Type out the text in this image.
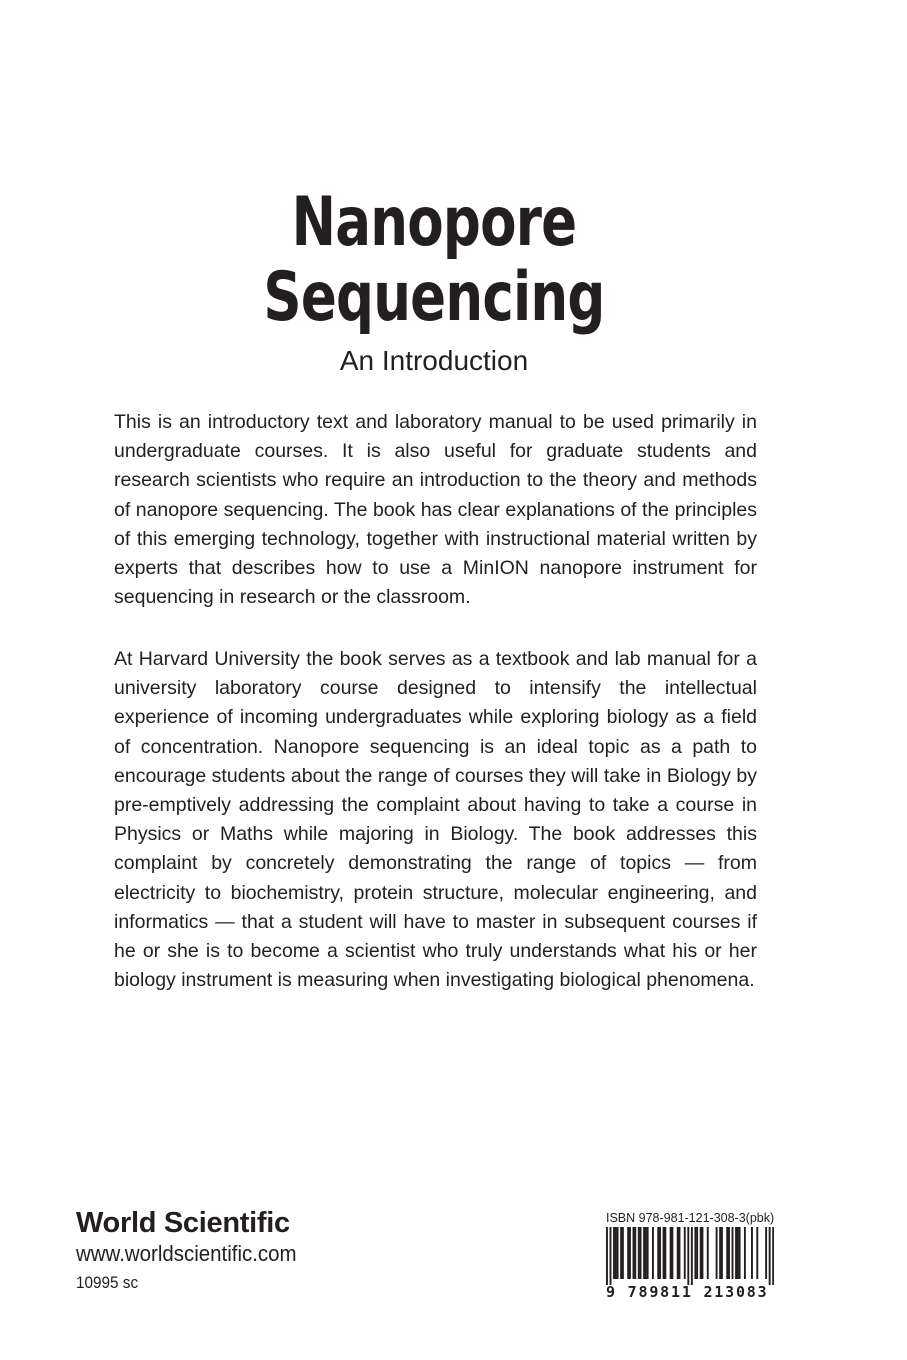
Nanopore
Sequencing
An Introduction

This is an introductory text and laboratory manual to be used primarily in undergraduate courses. It is also useful for graduate students and research scientists who require an introduction to the theory and methods of nanopore sequencing. The book has clear explanations of the principles of this emerging technology, together with instructional material written by experts that describes how to use a MinION nanopore instrument for sequencing in research or the classroom.

At Harvard University the book serves as a textbook and lab manual for a university laboratory course designed to intensify the intellectual experience of incoming undergraduates while exploring biology as a field of concentration. Nanopore sequencing is an ideal topic as a path to encourage students about the range of courses they will take in Biology by pre-emptively addressing the complaint about having to take a course in Physics or Maths while majoring in Biology. The book addresses this complaint by concretely demonstrating the range of topics — from electricity to biochemistry, protein structure, molecular engineering, and informatics — that a student will have to master in subsequent courses if he or she is to become a scientist who truly understands what his or her biology instrument is measuring when investigating biological phenomena.

World Scientific
www.worldscientific.com
10995 sc
ISBN 978-981-121-308-3(pbk)
9 789811 213083
